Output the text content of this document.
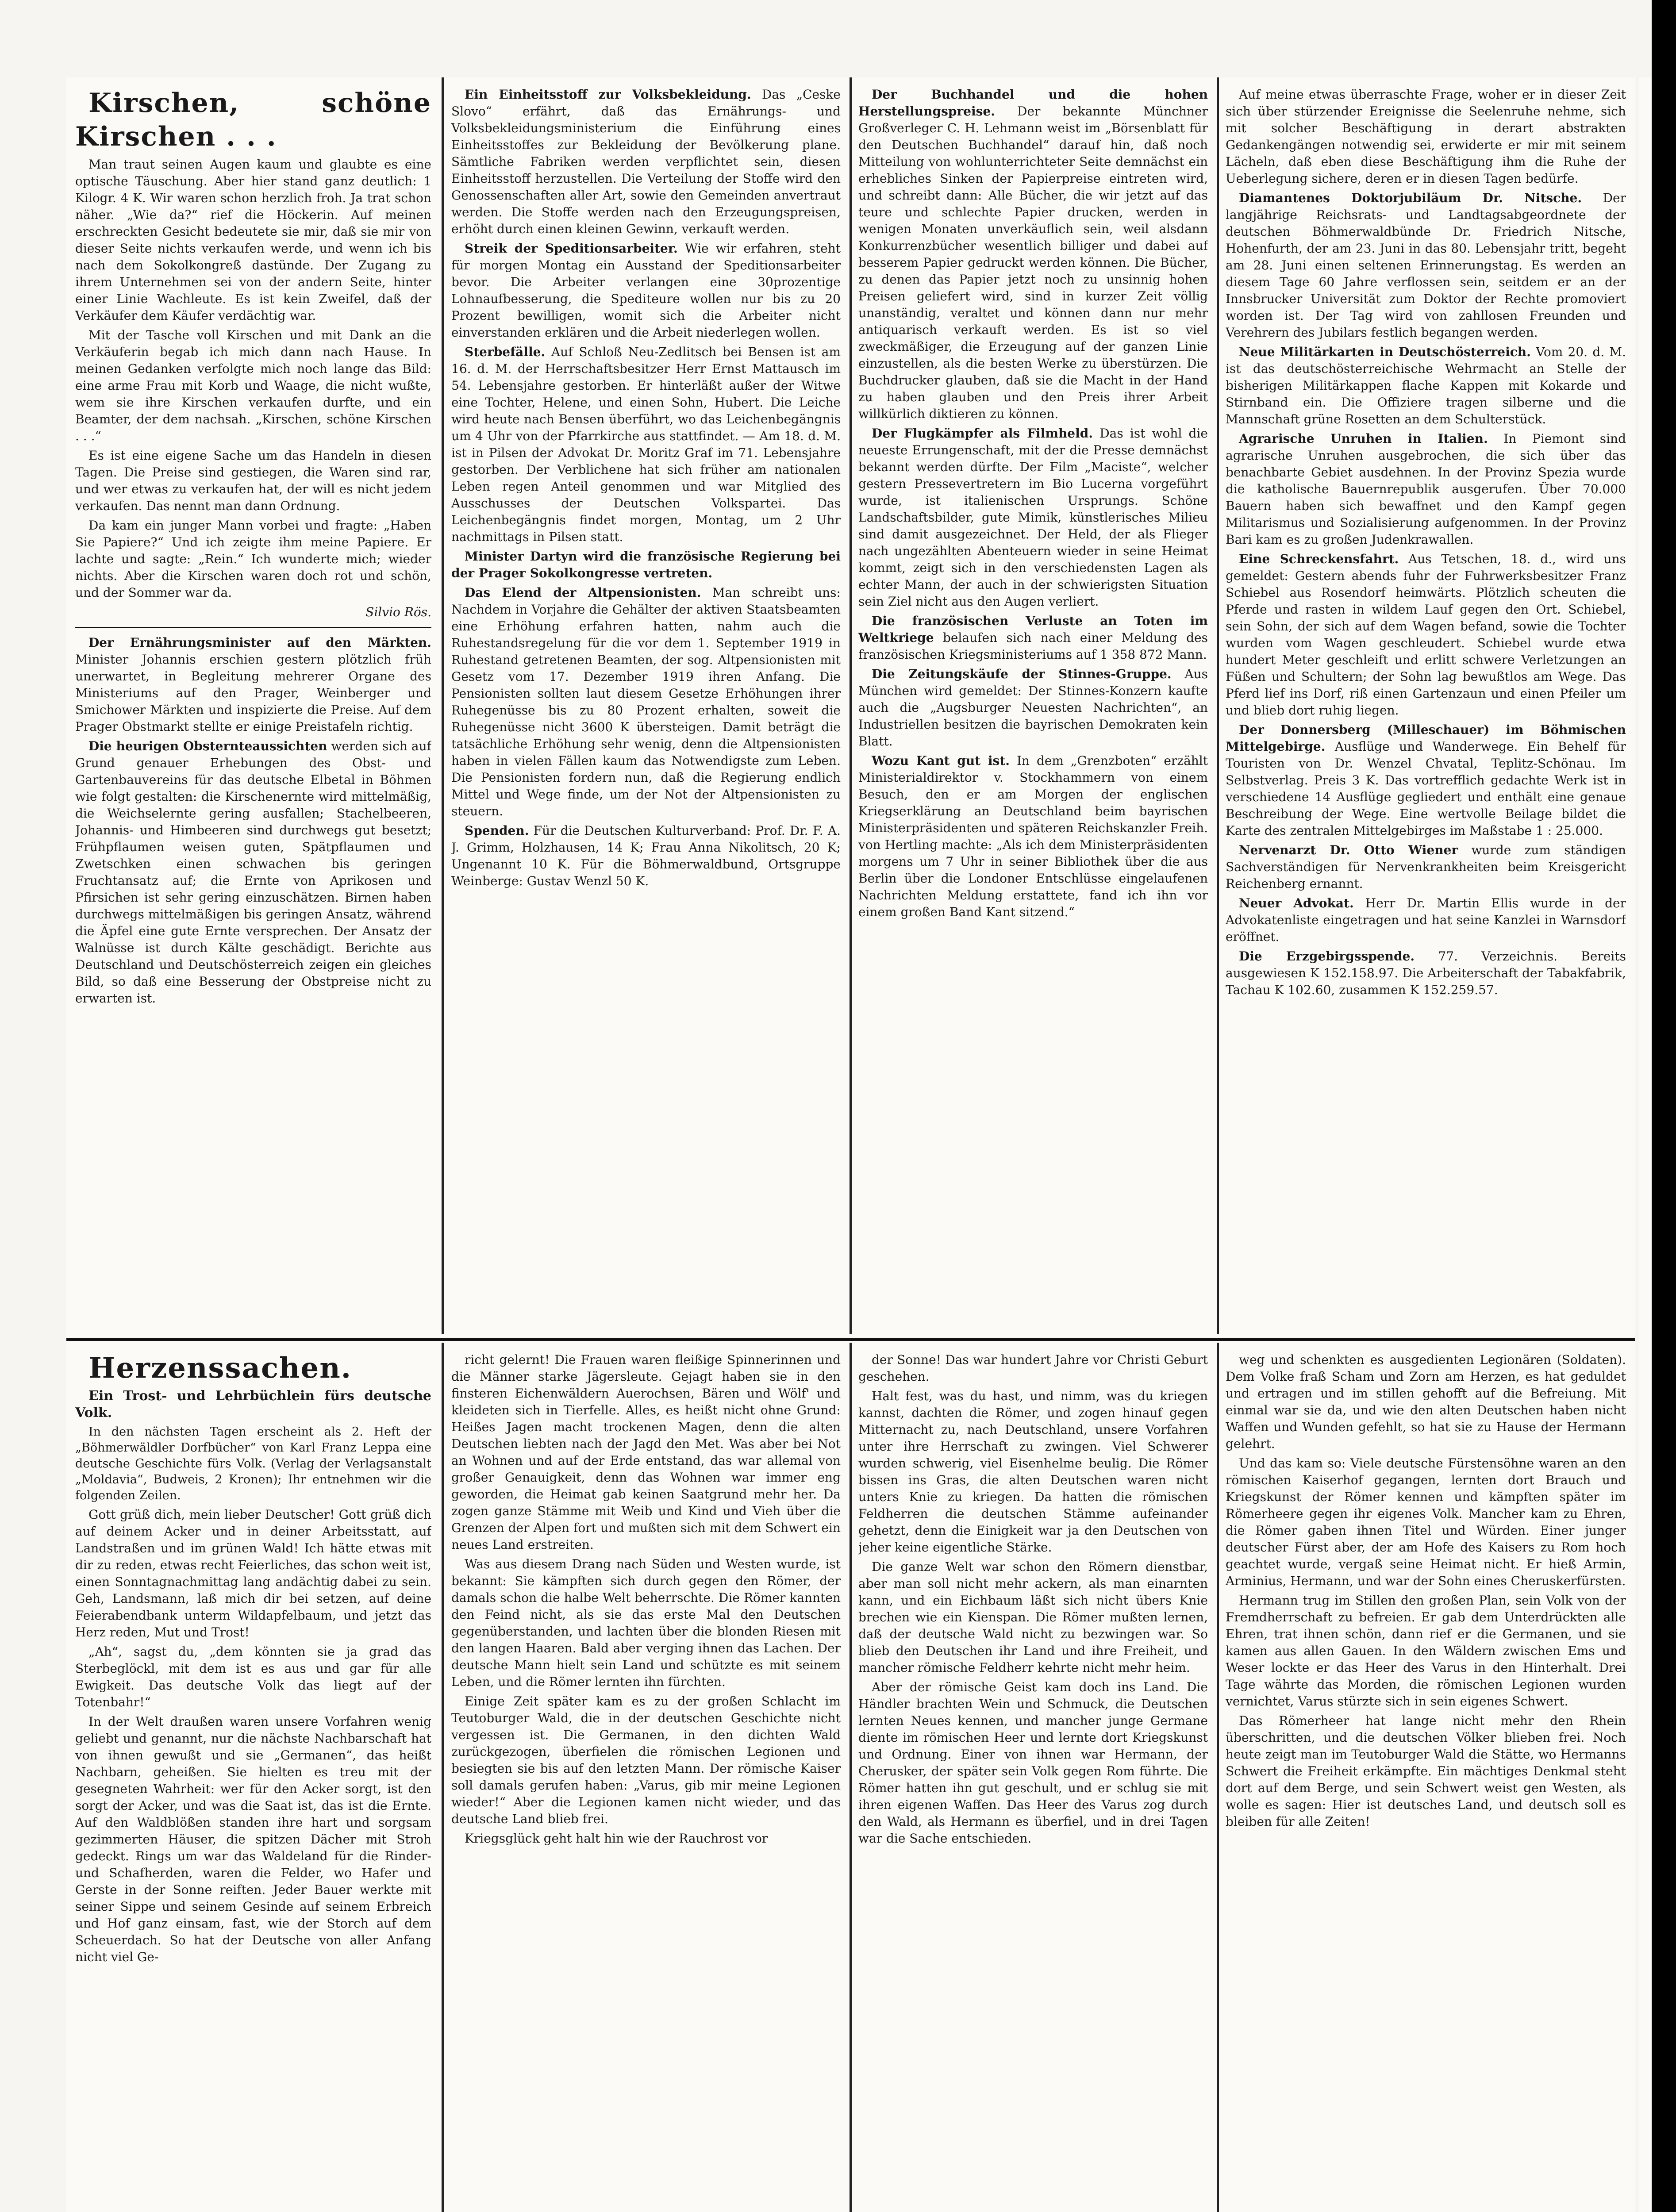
Kirschen, schöne Kirschen . . .

Man traut seinen Augen kaum und glaubte es eine optische Täuschung. Aber hier stand ganz deutlich: 1 Kilogr. 4 K. Wir waren schon herzlich froh. Ja trat schon näher. „Wie da?“ rief die Höckerin. Auf meinen erschreckten Gesicht bedeutete sie mir, daß sie mir von dieser Seite nichts verkaufen werde, und wenn ich bis nach dem Sokolkongreß dastünde. Der Zugang zu ihrem Unternehmen sei von der andern Seite, hinter einer Linie Wachleute. Es ist kein Zweifel, daß der Verkäufer dem Käufer verdächtig war.

Mit der Tasche voll Kirschen und mit Dank an die Verkäuferin begab ich mich dann nach Hause. In meinen Gedanken verfolgte mich noch lange das Bild: eine arme Frau mit Korb und Waage, die nicht wußte, wem sie ihre Kirschen verkaufen durfte, und ein Beamter, der dem nachsah. „Kirschen, schöne Kirschen . . .“

Es ist eine eigene Sache um das Handeln in diesen Tagen. Die Preise sind gestiegen, die Waren sind rar, und wer etwas zu verkaufen hat, der will es nicht jedem verkaufen. Das nennt man dann Ordnung.

Da kam ein junger Mann vorbei und fragte: „Haben Sie Papiere?“ Und ich zeigte ihm meine Papiere. Er lachte und sagte: „Rein.“ Ich wunderte mich; wieder nichts. Aber die Kirschen waren doch rot und schön, und der Sommer war da.

Silvio Rös.

Der Ernährungsminister auf den Märkten. Minister Johannis erschien gestern plötzlich früh unerwartet, in Begleitung mehrerer Organe des Ministeriums auf den Prager, Weinberger und Smichower Märkten und inspizierte die Preise. Auf dem Prager Obstmarkt stellte er einige Preistafeln richtig.

Die heurigen Obsternteaussichten werden sich auf Grund genauer Erhebungen des Obst- und Gartenbauvereins für das deutsche Elbetal in Böhmen wie folgt gestalten: die Kirschenernte wird mittelmäßig, die Weichselernte gering ausfallen; Stachelbeeren, Johannis- und Himbeeren sind durchwegs gut besetzt; Frühpflaumen weisen guten, Spätpflaumen und Zwetschken einen schwachen bis geringen Fruchtansatz auf; die Ernte von Aprikosen und Pfirsichen ist sehr gering einzuschätzen. Birnen haben durchwegs mittelmäßigen bis geringen Ansatz, während die Äpfel eine gute Ernte versprechen. Der Ansatz der Walnüsse ist durch Kälte geschädigt. Berichte aus Deutschland und Deutschösterreich zeigen ein gleiches Bild, so daß eine Besserung der Obstpreise nicht zu erwarten ist.

Ein Einheitsstoff zur Volksbekleidung. Das „Ceske Slovo“ erfährt, daß das Ernährungs- und Volksbekleidungsministerium die Einführung eines Einheitsstoffes zur Bekleidung der Bevölkerung plane. Sämtliche Fabriken werden verpflichtet sein, diesen Einheitsstoff herzustellen. Die Verteilung der Stoffe wird den Genossenschaften aller Art, sowie den Gemeinden anvertraut werden. Die Stoffe werden nach den Erzeugungspreisen, erhöht durch einen kleinen Gewinn, verkauft werden.

Streik der Speditionsarbeiter. Wie wir erfahren, steht für morgen Montag ein Ausstand der Speditionsarbeiter bevor. Die Arbeiter verlangen eine 30prozentige Lohnaufbesserung, die Spediteure wollen nur bis zu 20 Prozent bewilligen, womit sich die Arbeiter nicht einverstanden erklären und die Arbeit niederlegen wollen.

Sterbefälle. Auf Schloß Neu-Zedlitsch bei Bensen ist am 16. d. M. der Herrschaftsbesitzer Herr Ernst Mattausch im 54. Lebensjahre gestorben. Er hinterläßt außer der Witwe eine Tochter, Helene, und einen Sohn, Hubert. Die Leiche wird heute nach Bensen überführt, wo das Leichenbegängnis um 4 Uhr von der Pfarrkirche aus stattfindet. — Am 18. d. M. ist in Pilsen der Advokat Dr. Moritz Graf im 71. Lebensjahre gestorben. Der Verblichene hat sich früher am nationalen Leben regen Anteil genommen und war Mitglied des Ausschusses der Deutschen Volkspartei. Das Leichenbegängnis findet morgen, Montag, um 2 Uhr nachmittags in Pilsen statt.

Minister Dartyn wird die französische Regierung bei der Prager Sokolkongresse vertreten.

Das Elend der Altpensionisten. Man schreibt uns: Nachdem in Vorjahre die Gehälter der aktiven Staatsbeamten eine Erhöhung erfahren hatten, nahm auch die Ruhestandsregelung für die vor dem 1. September 1919 in Ruhestand getretenen Beamten, der sog. Altpensionisten mit Gesetz vom 17. Dezember 1919 ihren Anfang. Die Pensionisten sollten laut diesem Gesetze Erhöhungen ihrer Ruhegenüsse bis zu 80 Prozent erhalten, soweit die Ruhegenüsse nicht 3600 K übersteigen. Damit beträgt die tatsächliche Erhöhung sehr wenig, denn die Altpensionisten haben in vielen Fällen kaum das Notwendigste zum Leben. Die Pensionisten fordern nun, daß die Regierung endlich Mittel und Wege finde, um der Not der Altpensionisten zu steuern.

Spenden. Für die Deutschen Kulturverband: Prof. Dr. F. A. J. Grimm, Holzhausen, 14 K; Frau Anna Nikolitsch, 20 K; Ungenannt 10 K. Für die Böhmerwaldbund, Ortsgruppe Weinberge: Gustav Wenzl 50 K.

Der Buchhandel und die hohen Herstellungspreise. Der bekannte Münchner Großverleger C. H. Lehmann weist im „Börsenblatt für den Deutschen Buchhandel“ darauf hin, daß noch Mitteilung von wohlunterrichteter Seite demnächst ein erhebliches Sinken der Papierpreise eintreten wird, und schreibt dann: Alle Bücher, die wir jetzt auf das teure und schlechte Papier drucken, werden in wenigen Monaten unverkäuflich sein, weil alsdann Konkurrenzbücher wesentlich billiger und dabei auf besserem Papier gedruckt werden können. Die Bücher, zu denen das Papier jetzt noch zu unsinnig hohen Preisen geliefert wird, sind in kurzer Zeit völlig unanständig, veraltet und können dann nur mehr antiquarisch verkauft werden. Es ist so viel zweckmäßiger, die Erzeugung auf der ganzen Linie einzustellen, als die besten Werke zu überstürzen. Die Buchdrucker glauben, daß sie die Macht in der Hand zu haben glauben und den Preis ihrer Arbeit willkürlich diktieren zu können.

Der Flugkämpfer als Filmheld. Das ist wohl die neueste Errungenschaft, mit der die Presse demnächst bekannt werden dürfte. Der Film „Maciste“, welcher gestern Pressevertretern im Bio Lucerna vorgeführt wurde, ist italienischen Ursprungs. Schöne Landschaftsbilder, gute Mimik, künstlerisches Milieu sind damit ausgezeichnet. Der Held, der als Flieger nach ungezählten Abenteuern wieder in seine Heimat kommt, zeigt sich in den verschiedensten Lagen als echter Mann, der auch in der schwierigsten Situation sein Ziel nicht aus den Augen verliert.

Die französischen Verluste an Toten im Weltkriege belaufen sich nach einer Meldung des französischen Kriegsministeriums auf 1 358 872 Mann.

Die Zeitungskäufe der Stinnes-Gruppe. Aus München wird gemeldet: Der Stinnes-Konzern kaufte auch die „Augsburger Neuesten Nachrichten“, an Industriellen besitzen die bayrischen Demokraten kein Blatt.

Wozu Kant gut ist. In dem „Grenzboten“ erzählt Ministerialdirektor v. Stockhammern von einem Besuch, den er am Morgen der englischen Kriegserklärung an Deutschland beim bayrischen Ministerpräsidenten und späteren Reichskanzler Freih. von Hertling machte: „Als ich dem Ministerpräsidenten morgens um 7 Uhr in seiner Bibliothek über die aus Berlin über die Londoner Entschlüsse eingelaufenen Nachrichten Meldung erstattete, fand ich ihn vor einem großen Band Kant sitzend.“

Auf meine etwas überraschte Frage, woher er in dieser Zeit sich über stürzender Ereignisse die Seelenruhe nehme, sich mit solcher Beschäftigung in derart abstrakten Gedankengängen notwendig sei, erwiderte er mir mit seinem Lächeln, daß eben diese Beschäftigung ihm die Ruhe der Ueberlegung sichere, deren er in diesen Tagen bedürfe.

Diamantenes Doktorjubiläum Dr. Nitsche. Der langjährige Reichsrats- und Landtagsabgeordnete der deutschen Böhmerwaldbünde Dr. Friedrich Nitsche, Hohenfurth, der am 23. Juni in das 80. Lebensjahr tritt, begeht am 28. Juni einen seltenen Erinnerungstag. Es werden an diesem Tage 60 Jahre verflossen sein, seitdem er an der Innsbrucker Universität zum Doktor der Rechte promoviert worden ist. Der Tag wird von zahllosen Freunden und Verehrern des Jubilars festlich begangen werden.

Neue Militärkarten in Deutschösterreich. Vom 20. d. M. ist das deutschösterreichische Wehrmacht an Stelle der bisherigen Militärkappen flache Kappen mit Kokarde und Stirnband ein. Die Offiziere tragen silberne und die Mannschaft grüne Rosetten an dem Schulterstück.

Agrarische Unruhen in Italien. In Piemont sind agrarische Unruhen ausgebrochen, die sich über das benachbarte Gebiet ausdehnen. In der Provinz Spezia wurde die katholische Bauernrepublik ausgerufen. Über 70.000 Bauern haben sich bewaffnet und den Kampf gegen Militarismus und Sozialisierung aufgenommen. In der Provinz Bari kam es zu großen Judenkrawallen.

Eine Schreckensfahrt. Aus Tetschen, 18. d., wird uns gemeldet: Gestern abends fuhr der Fuhrwerksbesitzer Franz Schiebel aus Rosendorf heimwärts. Plötzlich scheuten die Pferde und rasten in wildem Lauf gegen den Ort. Schiebel, sein Sohn, der sich auf dem Wagen befand, sowie die Tochter wurden vom Wagen geschleudert. Schiebel wurde etwa hundert Meter geschleift und erlitt schwere Verletzungen an Füßen und Schultern; der Sohn lag bewußtlos am Wege. Das Pferd lief ins Dorf, riß einen Gartenzaun und einen Pfeiler um und blieb dort ruhig liegen.

Der Donnersberg (Milleschauer) im Böhmischen Mittelgebirge. Ausflüge und Wanderwege. Ein Behelf für Touristen von Dr. Wenzel Chvatal, Teplitz-Schönau. Im Selbstverlag. Preis 3 K. Das vortrefflich gedachte Werk ist in verschiedene 14 Ausflüge gegliedert und enthält eine genaue Beschreibung der Wege. Eine wertvolle Beilage bildet die Karte des zentralen Mittelgebirges im Maßstabe 1 : 25.000.

Nervenarzt Dr. Otto Wiener wurde zum ständigen Sachverständigen für Nervenkrankheiten beim Kreisgericht Reichenberg ernannt.

Neuer Advokat. Herr Dr. Martin Ellis wurde in der Advokatenliste eingetragen und hat seine Kanzlei in Warnsdorf eröffnet.

Die Erzgebirgsspende. 77. Verzeichnis. Bereits ausgewiesen K 152.158.97. Die Arbeiterschaft der Tabakfabrik, Tachau K 102.60, zusammen K 152.259.57.

Herzenssachen.

Ein Trost- und Lehrbüchlein fürs deutsche Volk.

In den nächsten Tagen erscheint als 2. Heft der „Böhmerwäldler Dorfbücher“ von Karl Franz Leppa eine deutsche Geschichte fürs Volk. (Verlag der Verlagsanstalt „Moldavia“, Budweis, 2 Kronen); Ihr entnehmen wir die folgenden Zeilen.

Gott grüß dich, mein lieber Deutscher! Gott grüß dich auf deinem Acker und in deiner Arbeitsstatt, auf Landstraßen und im grünen Wald! Ich hätte etwas mit dir zu reden, etwas recht Feierliches, das schon weit ist, einen Sonntagnachmittag lang andächtig dabei zu sein. Geh, Landsmann, laß mich dir bei setzen, auf deine Feierabendbank unterm Wildapfelbaum, und jetzt das Herz reden, Mut und Trost!

„Ah“, sagst du, „dem könnten sie ja grad das Sterbeglöckl, mit dem ist es aus und gar für alle Ewigkeit. Das deutsche Volk das liegt auf der Totenbahr!“

In der Welt draußen waren unsere Vorfahren wenig geliebt und genannt, nur die nächste Nachbarschaft hat von ihnen gewußt und sie „Germanen“, das heißt Nachbarn, geheißen. Sie hielten es treu mit der gesegneten Wahrheit: wer für den Acker sorgt, ist den sorgt der Acker, und was die Saat ist, das ist die Ernte. Auf den Waldblößen standen ihre hart und sorgsam gezimmerten Häuser, die spitzen Dächer mit Stroh gedeckt. Rings um war das Waldeland für die Rinder- und Schafherden, waren die Felder, wo Hafer und Gerste in der Sonne reiften. Jeder Bauer werkte mit seiner Sippe und seinem Gesinde auf seinem Erbreich und Hof ganz einsam, fast, wie der Storch auf dem Scheuerdach. So hat der Deutsche von aller Anfang nicht viel Ge-

richt gelernt! Die Frauen waren fleißige Spinnerinnen und die Männer starke Jägersleute. Gejagt haben sie in den finsteren Eichenwäldern Auerochsen, Bären und Wölf' und kleideten sich in Tierfelle. Alles, es heißt nicht ohne Grund: Heißes Jagen macht trockenen Magen, denn die alten Deutschen liebten nach der Jagd den Met. Was aber bei Not an Wohnen und auf der Erde entstand, das war allemal von großer Genauigkeit, denn das Wohnen war immer eng geworden, die Heimat gab keinen Saatgrund mehr her. Da zogen ganze Stämme mit Weib und Kind und Vieh über die Grenzen der Alpen fort und mußten sich mit dem Schwert ein neues Land erstreiten.

Was aus diesem Drang nach Süden und Westen wurde, ist bekannt: Sie kämpften sich durch gegen den Römer, der damals schon die halbe Welt beherrschte. Die Römer kannten den Feind nicht, als sie das erste Mal den Deutschen gegenüberstanden, und lachten über die blonden Riesen mit den langen Haaren. Bald aber verging ihnen das Lachen. Der deutsche Mann hielt sein Land und schützte es mit seinem Leben, und die Römer lernten ihn fürchten.

Einige Zeit später kam es zu der großen Schlacht im Teutoburger Wald, die in der deutschen Geschichte nicht vergessen ist. Die Germanen, in den dichten Wald zurückgezogen, überfielen die römischen Legionen und besiegten sie bis auf den letzten Mann. Der römische Kaiser soll damals gerufen haben: „Varus, gib mir meine Legionen wieder!“ Aber die Legionen kamen nicht wieder, und das deutsche Land blieb frei.

Kriegsglück geht halt hin wie der Rauchrost vor

der Sonne! Das war hundert Jahre vor Christi Geburt geschehen.

Halt fest, was du hast, und nimm, was du kriegen kannst, dachten die Römer, und zogen hinauf gegen Mitternacht zu, nach Deutschland, unsere Vorfahren unter ihre Herrschaft zu zwingen. Viel Schwerer wurden schwerig, viel Eisenhelme beulig. Die Römer bissen ins Gras, die alten Deutschen waren nicht unters Knie zu kriegen. Da hatten die römischen Feldherren die deutschen Stämme aufeinander gehetzt, denn die Einigkeit war ja den Deutschen von jeher keine eigentliche Stärke.

Die ganze Welt war schon den Römern dienstbar, aber man soll nicht mehr ackern, als man einarnten kann, und ein Eichbaum läßt sich nicht übers Knie brechen wie ein Kienspan. Die Römer mußten lernen, daß der deutsche Wald nicht zu bezwingen war. So blieb den Deutschen ihr Land und ihre Freiheit, und mancher römische Feldherr kehrte nicht mehr heim.

Aber der römische Geist kam doch ins Land. Die Händler brachten Wein und Schmuck, die Deutschen lernten Neues kennen, und mancher junge Germane diente im römischen Heer und lernte dort Kriegskunst und Ordnung. Einer von ihnen war Hermann, der Cherusker, der später sein Volk gegen Rom führte. Die Römer hatten ihn gut geschult, und er schlug sie mit ihren eigenen Waffen. Das Heer des Varus zog durch den Wald, als Hermann es überfiel, und in drei Tagen war die Sache entschieden.

weg und schenkten es ausgedienten Legionären (Soldaten). Dem Volke fraß Scham und Zorn am Herzen, es hat geduldet und ertragen und im stillen gehofft auf die Befreiung. Mit einmal war sie da, und wie den alten Deutschen haben nicht Waffen und Wunden gefehlt, so hat sie zu Hause der Hermann gelehrt.

Und das kam so: Viele deutsche Fürstensöhne waren an den römischen Kaiserhof gegangen, lernten dort Brauch und Kriegskunst der Römer kennen und kämpften später im Römerheere gegen ihr eigenes Volk. Mancher kam zu Ehren, die Römer gaben ihnen Titel und Würden. Einer junger deutscher Fürst aber, der am Hofe des Kaisers zu Rom hoch geachtet wurde, vergaß seine Heimat nicht. Er hieß Armin, Arminius, Hermann, und war der Sohn eines Cheruskerfürsten.

Hermann trug im Stillen den großen Plan, sein Volk von der Fremdherrschaft zu befreien. Er gab dem Unterdrückten alle Ehren, trat ihnen schön, dann rief er die Germanen, und sie kamen aus allen Gauen. In den Wäldern zwischen Ems und Weser lockte er das Heer des Varus in den Hinterhalt. Drei Tage währte das Morden, die römischen Legionen wurden vernichtet, Varus stürzte sich in sein eigenes Schwert.

Das Römerheer hat lange nicht mehr den Rhein überschritten, und die deutschen Völker blieben frei. Noch heute zeigt man im Teutoburger Wald die Stätte, wo Hermanns Schwert die Freiheit erkämpfte. Ein mächtiges Denkmal steht dort auf dem Berge, und sein Schwert weist gen Westen, als wolle es sagen: Hier ist deutsches Land, und deutsch soll es bleiben für alle Zeiten!
